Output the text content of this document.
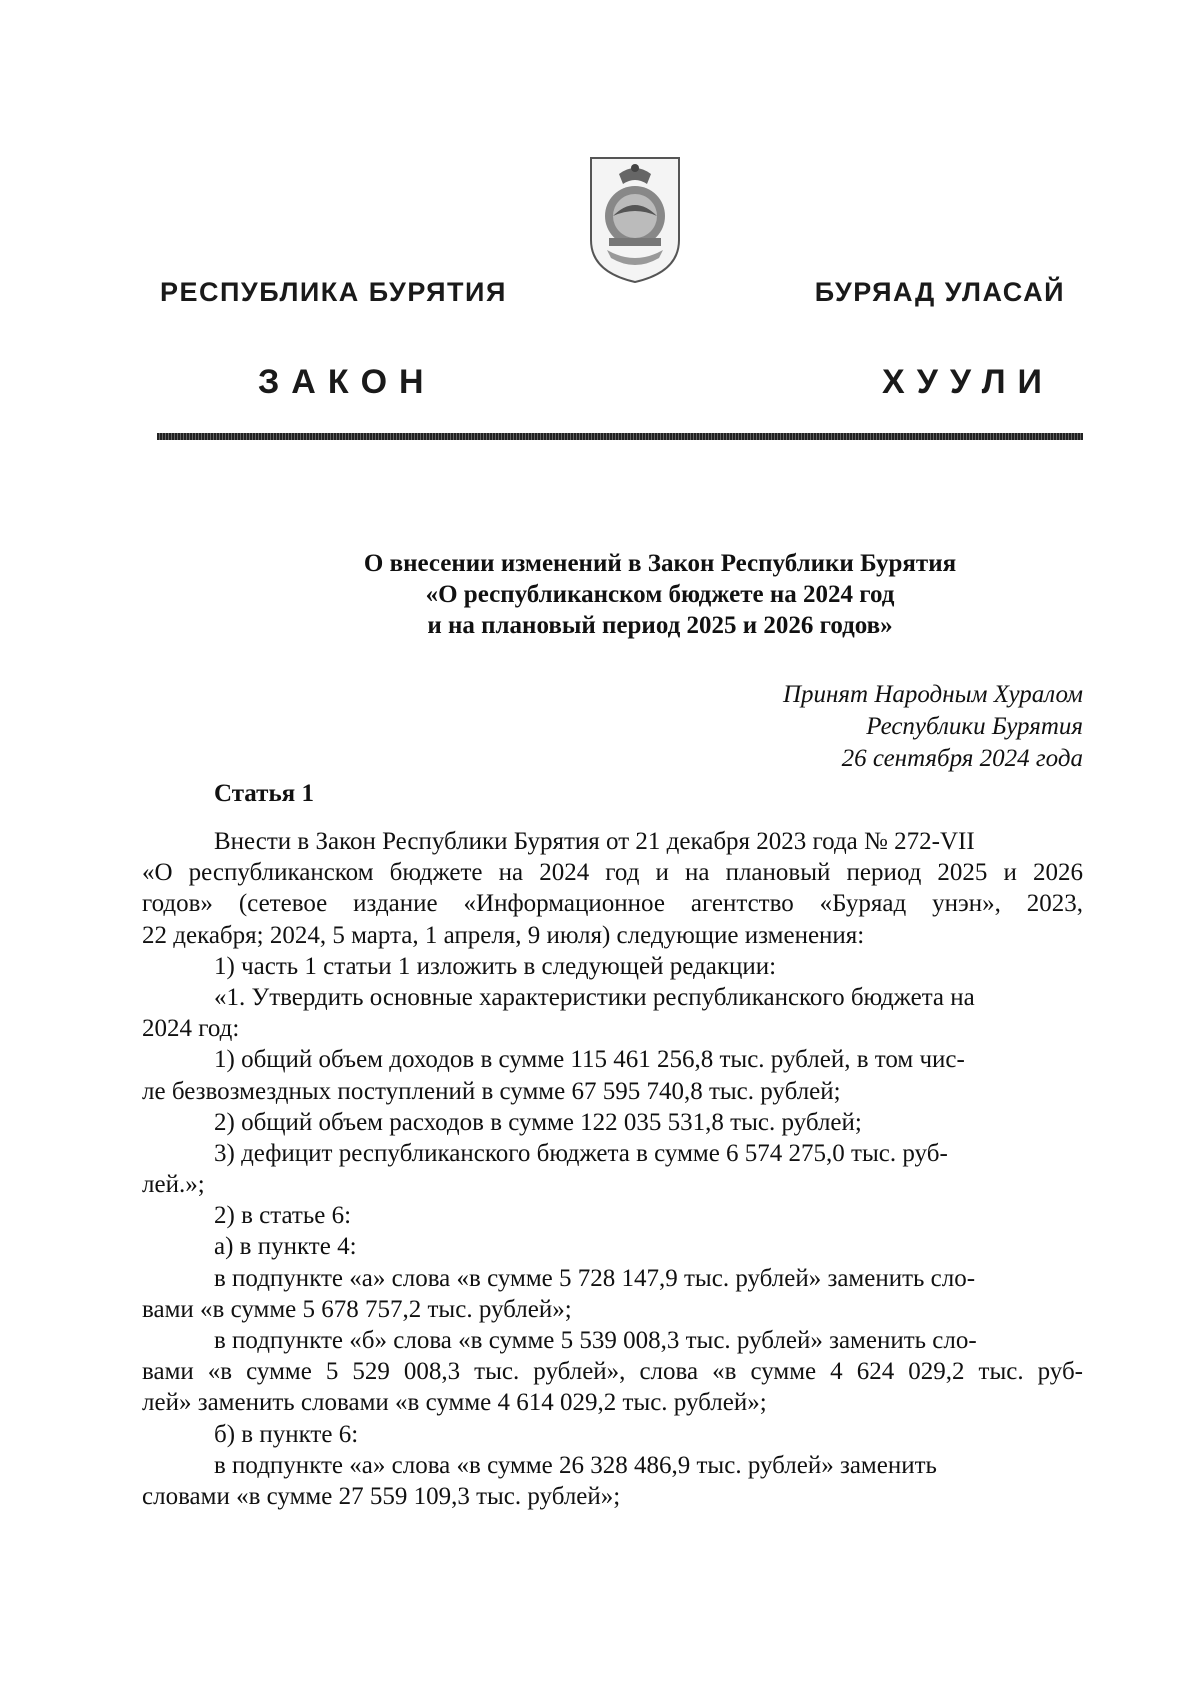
РЕСПУБЛИКА БУРЯТИЯ	БУРЯАД УЛАСАЙ
ЗАКОН	ХУУЛИ
О внесении изменений в Закон Республики Бурятия
«О республиканском бюджете на 2024 год
и на плановый период 2025 и 2026 годов»
Принят Народным Хуралом
Республики Бурятия
26 сентября 2024 года
Статья 1
Внести в Закон Республики Бурятия от 21 декабря 2023 года № 272-VII
«О республиканском бюджете на 2024 год и на плановый период 2025 и 2026
годов» (сетевое издание «Информационное агентство «Буряад унэн», 2023,
22 декабря; 2024, 5 марта, 1 апреля, 9 июля) следующие изменения:
1) часть 1 статьи 1 изложить в следующей редакции:
«1. Утвердить основные характеристики республиканского бюджета на
2024 год:
1) общий объем доходов в сумме 115 461 256,8 тыс. рублей, в том чис-
ле безвозмездных поступлений в сумме 67 595 740,8 тыс. рублей;
2) общий объем расходов в сумме 122 035 531,8 тыс. рублей;
3) дефицит республиканского бюджета в сумме 6 574 275,0 тыс. руб-
лей.»;
2) в статье 6:
а) в пункте 4:
в подпункте «а» слова «в сумме 5 728 147,9 тыс. рублей» заменить сло-
вами «в сумме 5 678 757,2 тыс. рублей»;
в подпункте «б» слова «в сумме 5 539 008,3 тыс. рублей» заменить сло-
вами «в сумме 5 529 008,3 тыс. рублей», слова «в сумме 4 624 029,2 тыс. руб-
лей» заменить словами «в сумме 4 614 029,2 тыс. рублей»;
б) в пункте 6:
в подпункте «а» слова «в сумме 26 328 486,9 тыс. рублей» заменить
словами «в сумме 27 559 109,3 тыс. рублей»;
